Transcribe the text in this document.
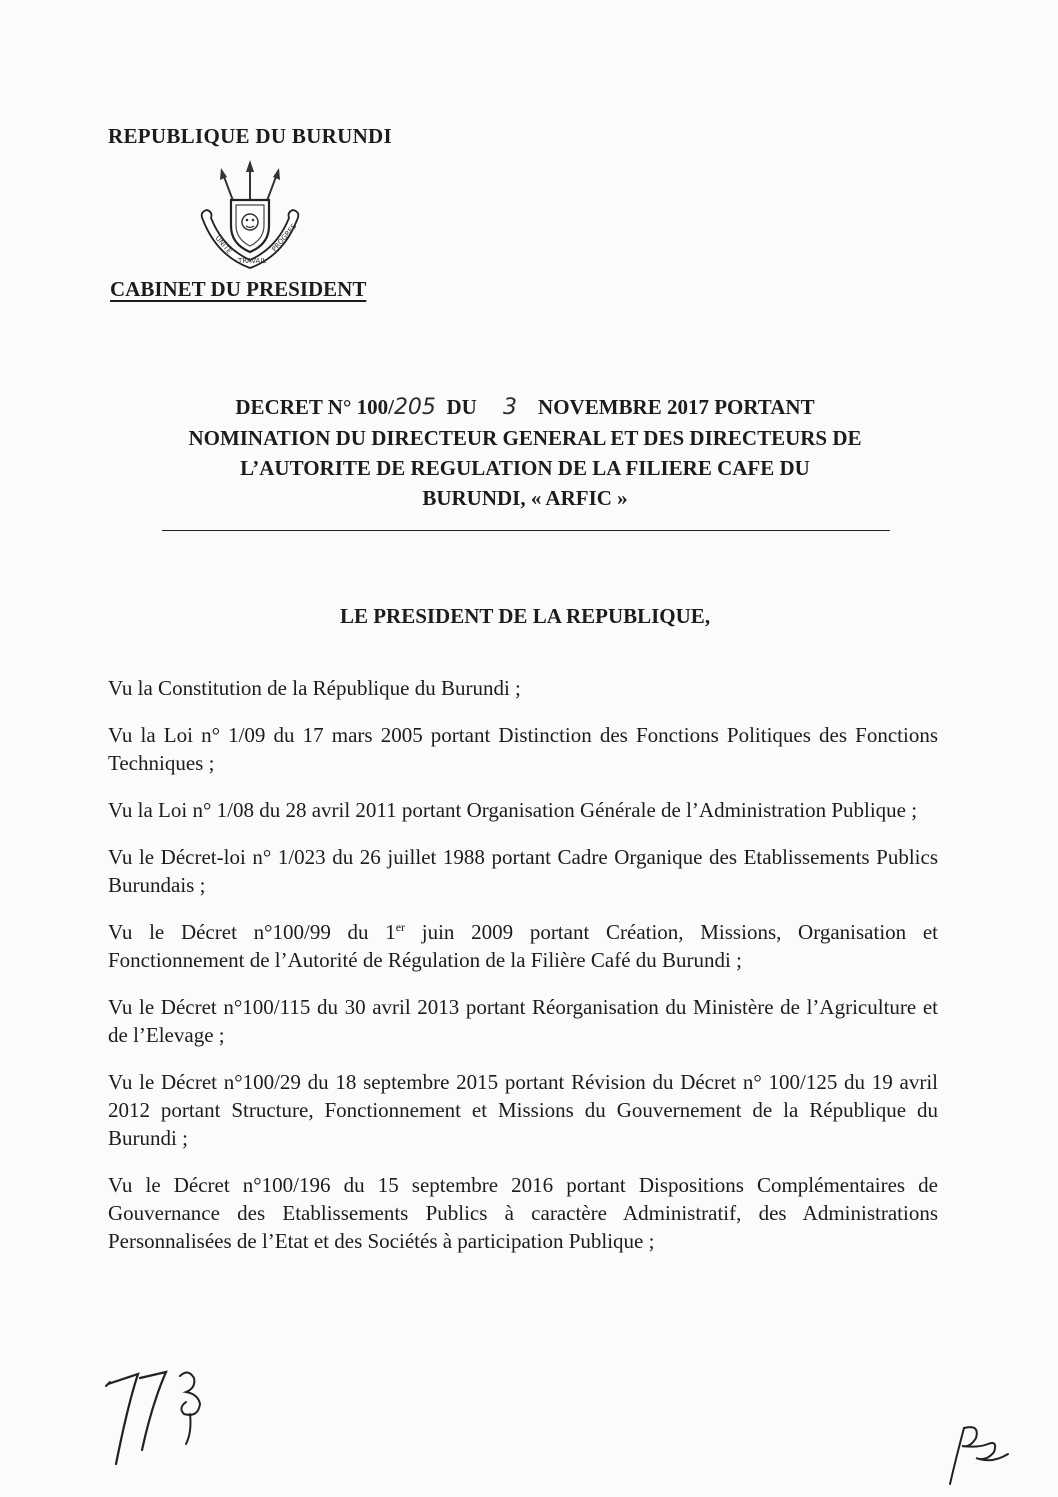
REPUBLIQUE DU BURUNDI
UNITE
TRAVAIL
PROGRES
CABINET DU PRESIDENT
DECRET N° 100/205 DU 3 NOVEMBRE 2017 PORTANT
NOMINATION DU DIRECTEUR GENERAL ET DES DIRECTEURS DE
L’AUTORITE DE REGULATION DE LA FILIERE CAFE DU
BURUNDI, « ARFIC »
LE PRESIDENT DE LA REPUBLIQUE,

Vu la Constitution de la République du Burundi ;

Vu la Loi n° 1/09 du 17 mars 2005 portant Distinction des Fonctions Politiques des Fonctions Techniques ;

Vu la Loi n° 1/08 du 28 avril 2011 portant Organisation Générale de l’Administration Publique ;

Vu le Décret-loi n° 1/023 du 26 juillet 1988 portant Cadre Organique des Etablissements Publics Burundais ;

Vu le Décret n°100/99 du 1er juin 2009 portant Création, Missions, Organisation et Fonctionnement de l’Autorité de Régulation de la Filière Café du Burundi ;

Vu le Décret n°100/115 du 30 avril 2013 portant Réorganisation du Ministère de l’Agriculture et de l’Elevage ;

Vu le Décret n°100/29 du 18 septembre 2015 portant Révision du Décret n° 100/125 du 19 avril 2012 portant Structure, Fonctionnement et Missions du Gouvernement de la République du Burundi ;

Vu le Décret n°100/196 du 15 septembre 2016 portant Dispositions Complémentaires de Gouvernance des Etablissements Publics à caractère Administratif, des Administrations Personnalisées de l’Etat et des Sociétés à participation Publique ;
